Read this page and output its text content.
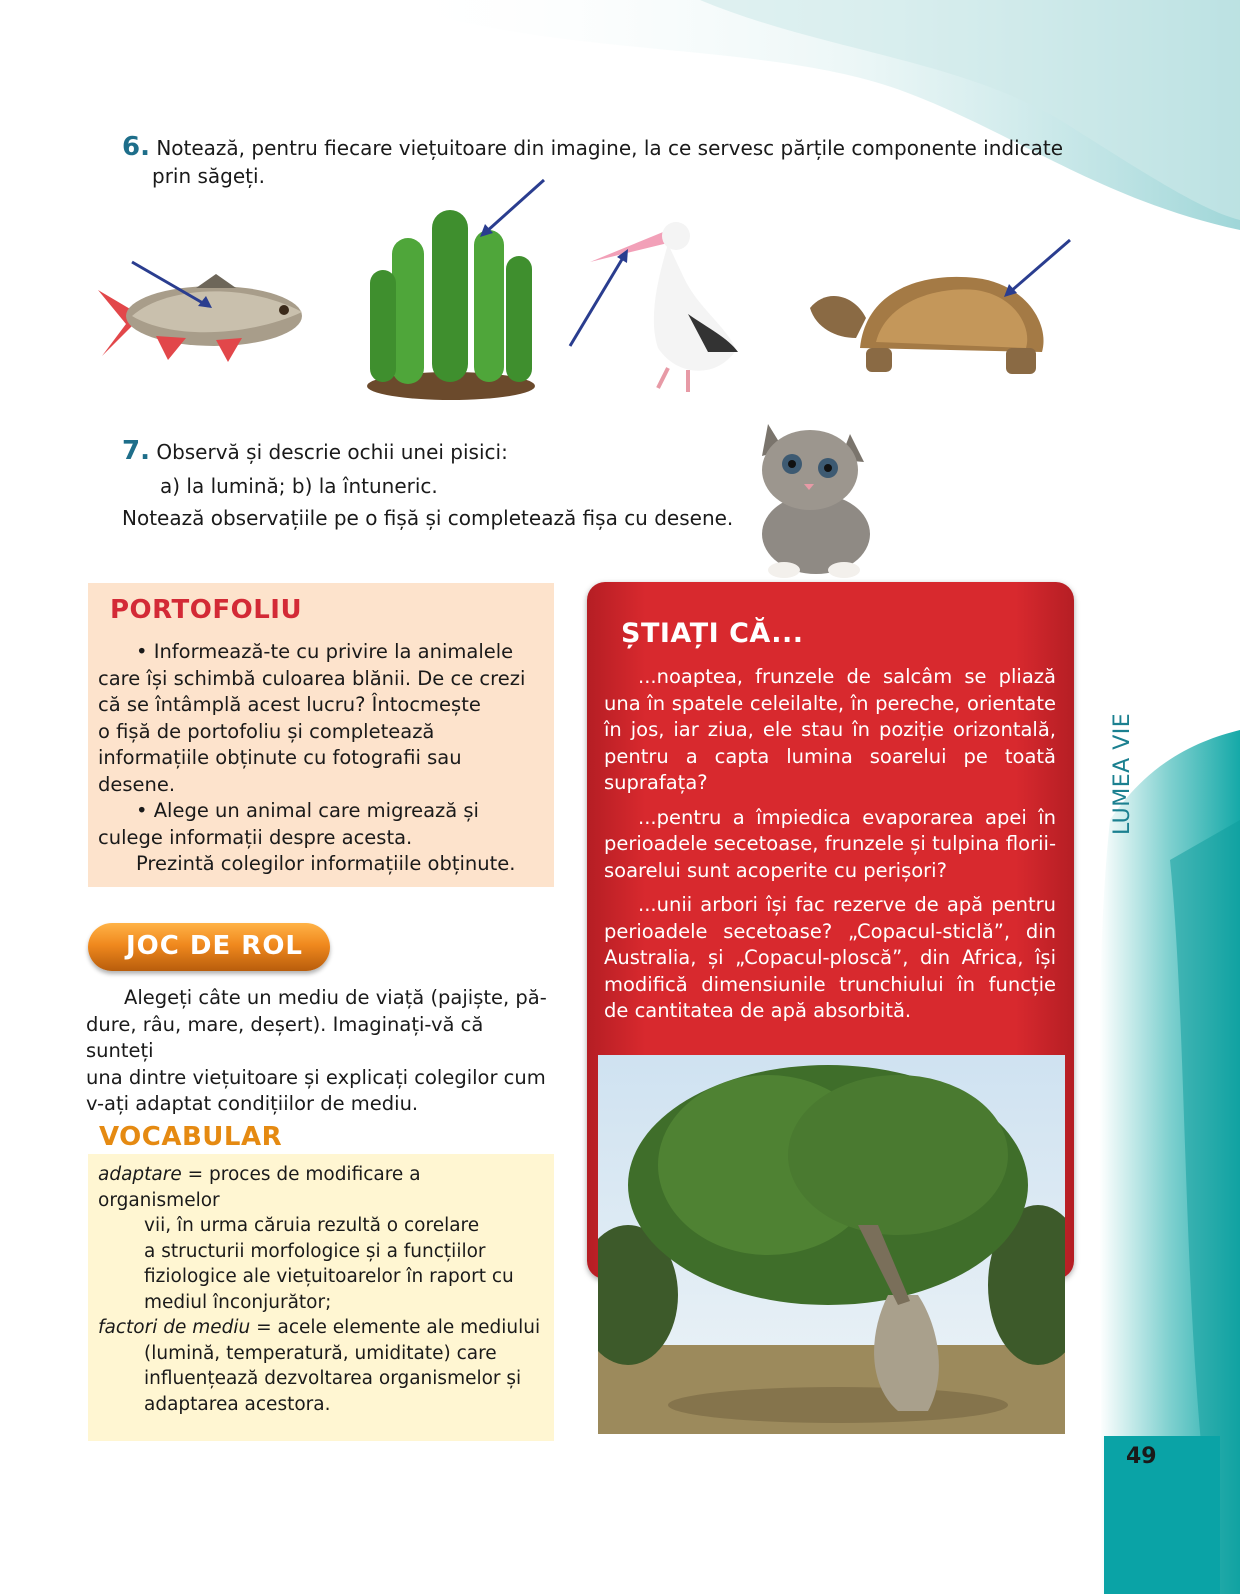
6. Notează, pentru fiecare viețuitoare din imagine, la ce servesc părțile componente indicate
prin săgeți.
7. Observă și descrie ochii unei pisici:
a) la lumină; b) la întuneric.
Notează observațiile pe o fișă și completează fișa cu desene.
PORTOFOLIU
• Informează-te cu privire la animalele
care își schimbă culoarea blănii. De ce crezi
că se întâmplă acest lucru? Întocmește
o fișă de portofoliu și completează
informațiile obținute cu fotografii sau
desene.
• Alege un animal care migrează și
culege informații despre acesta.
Prezintă colegilor informațiile obținute.
JOC DE ROL
Alegeți câte un mediu de viață (pajiște, pă-
dure, râu, mare, deșert). Imaginați-vă că sunteți
una dintre viețuitoare și explicați colegilor cum
v-ați adaptat condițiilor de mediu.
VOCABULAR
adaptare = proces de modificare a organismelor
vii, în urma căruia rezultă o corelare
a structurii morfologice și a funcțiilor
fiziologice ale viețuitoarelor în raport cu
mediul înconjurător;
factori de mediu = acele elemente ale mediului
(lumină, temperatură, umiditate) care
influențează dezvoltarea organismelor și
adaptarea acestora.
ȘTIAȚI CĂ...

...noaptea, frunzele de salcâm se pliază una în spatele celeilalte, în pereche, orientate în jos, iar ziua, ele stau în poziție orizontală, pentru a capta lumina soarelui pe toată suprafața?

...pentru a împiedica evaporarea apei în perioadele secetoase, frunzele și tulpina florii-soarelui sunt acoperite cu perișori?

...unii arbori își fac rezerve de apă pentru perioadele secetoase? „Copacul-sticlă”, din Australia, și „Copacul-ploscă”, din Africa, își modifică dimensiunile trunchiului în funcție de cantitatea de apă absorbită.

LUMEA VIE
49
